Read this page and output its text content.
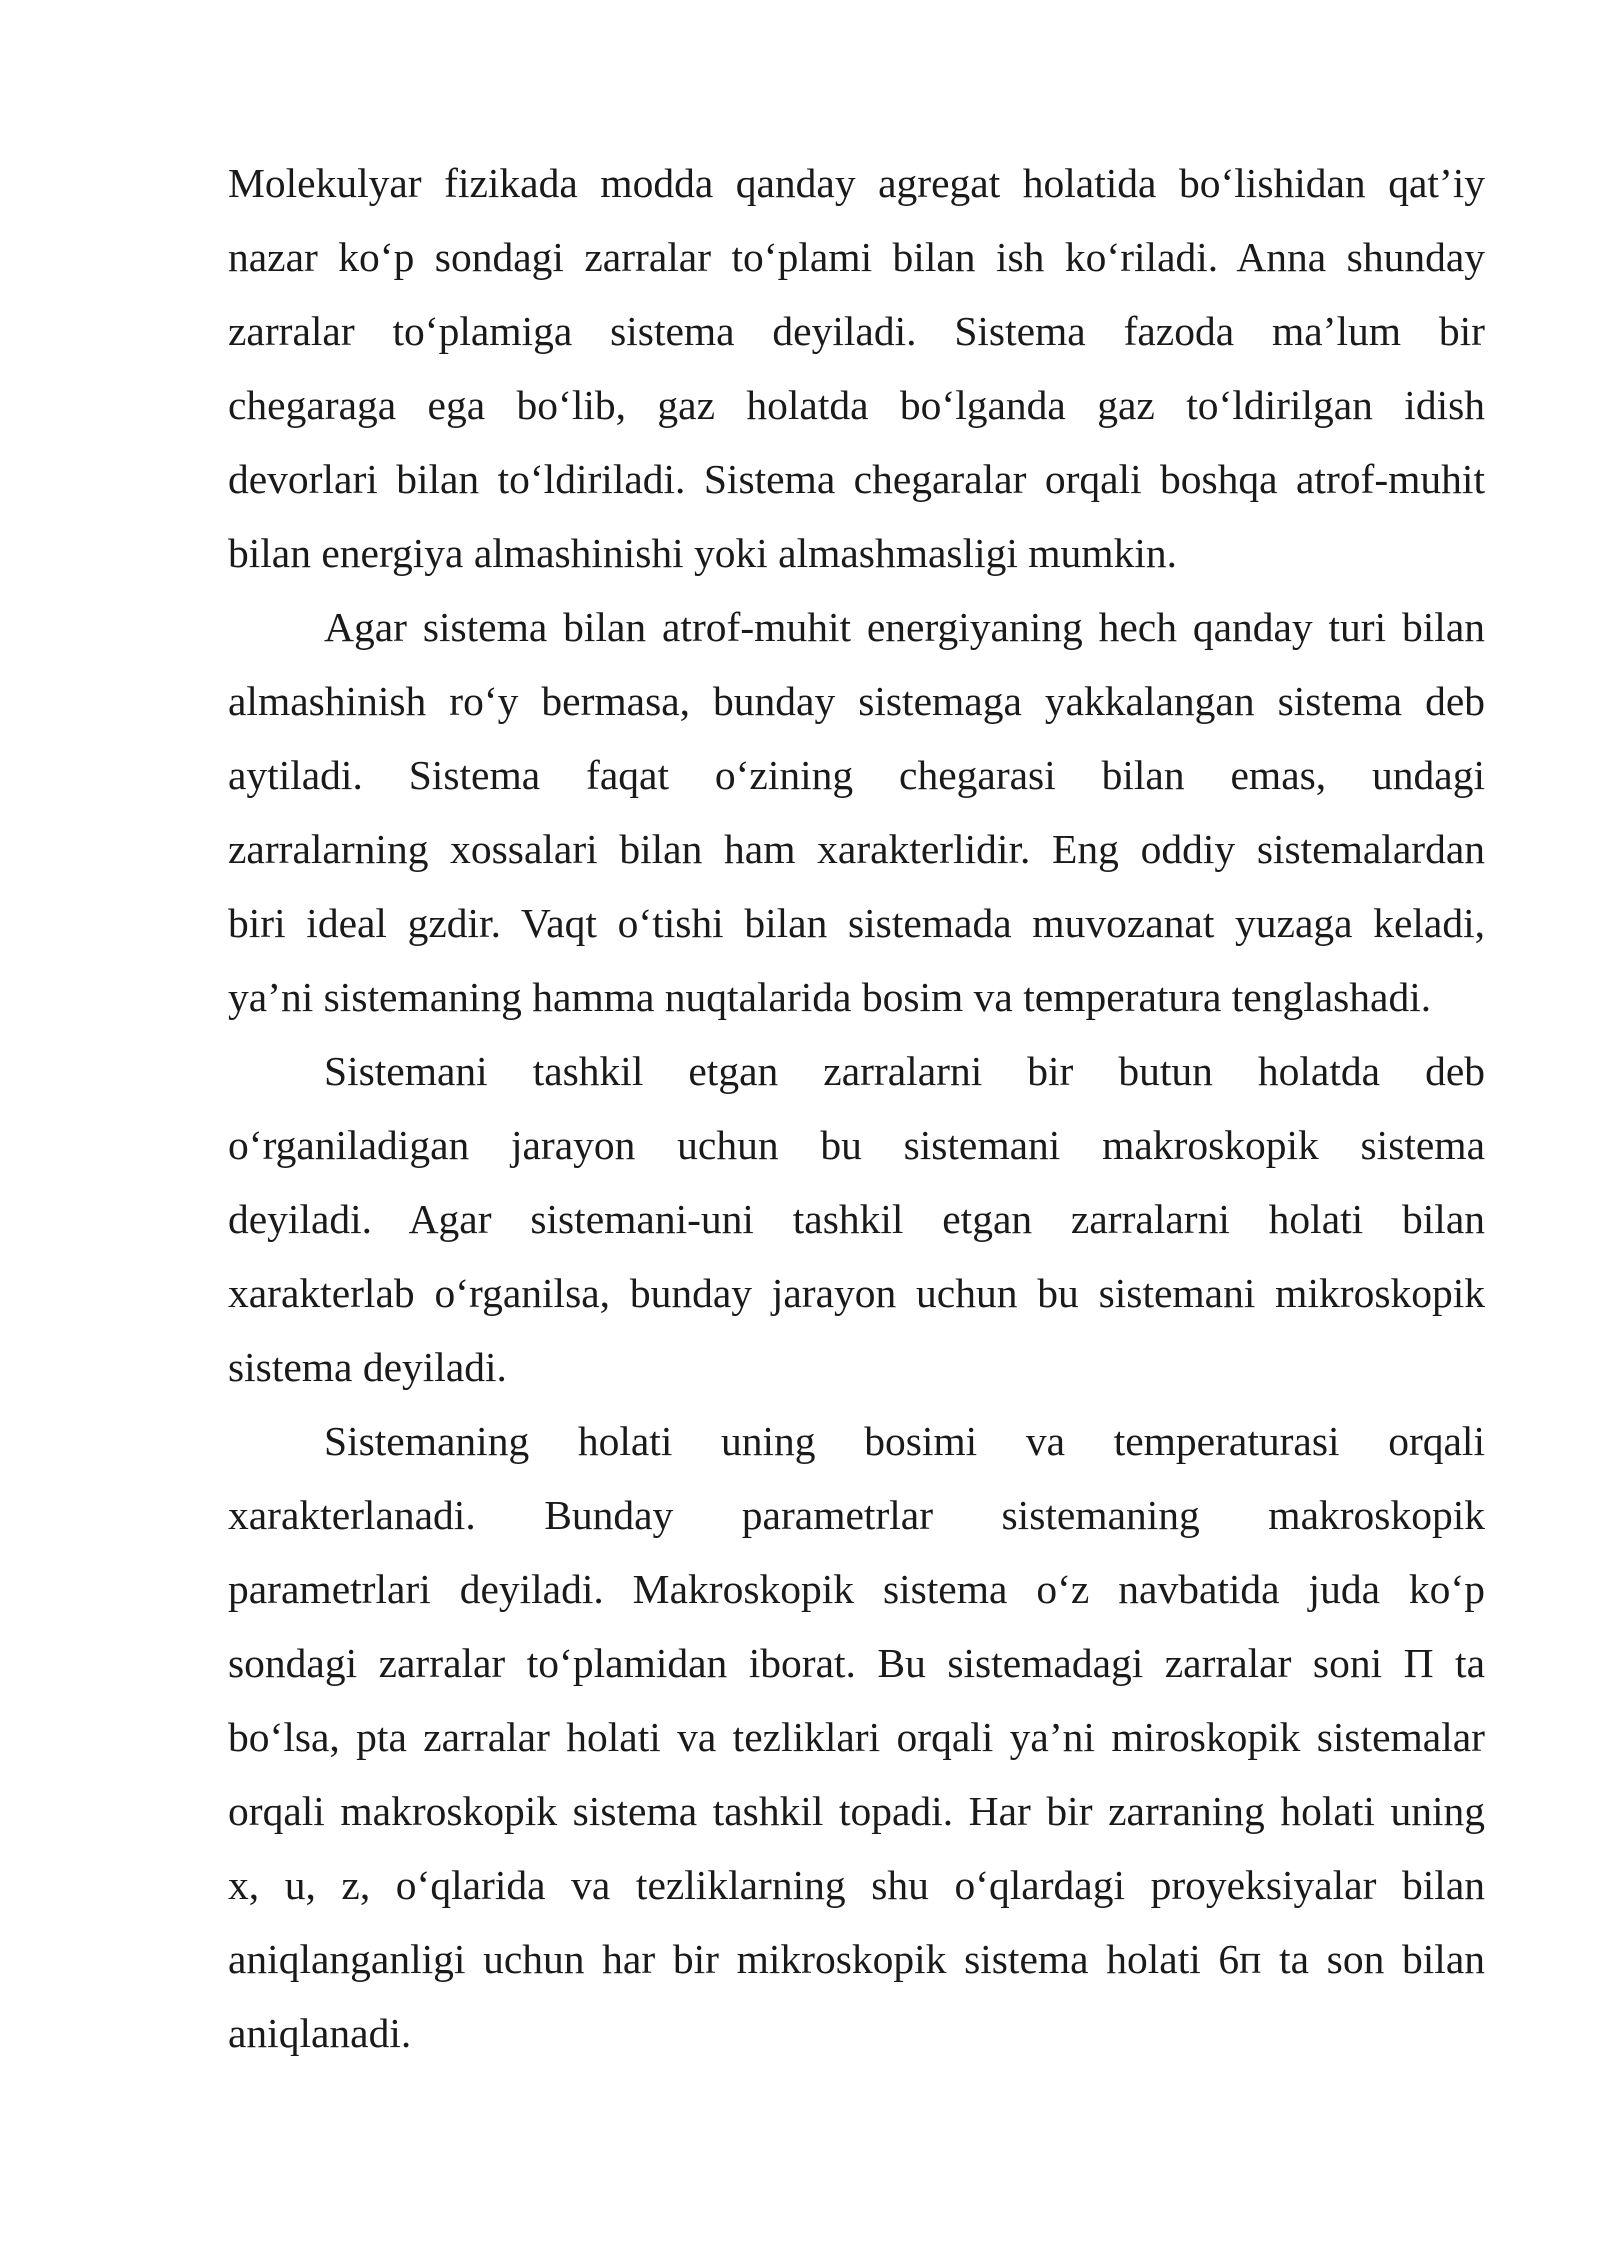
Molekulyar fizikada modda qanday agregat holatida bo‘lishidan qat’iy
nazar ko‘p sondagi zarralar to‘plami bilan ish ko‘riladi. Anna shunday
zarralar to‘plamiga sistema deyiladi. Sistema fazoda ma’lum bir
chegaraga ega bo‘lib, gaz holatda bo‘lganda gaz to‘ldirilgan idish
devorlari bilan to‘ldiriladi. Sistema chegaralar orqali boshqa atrof-muhit
bilan energiya almashinishi yoki almashmasligi mumkin.
Agar sistema bilan atrof-muhit energiyaning hech qanday turi bilan
almashinish ro‘y bermasa, bunday sistemaga yakkalangan sistema deb
aytiladi. Sistema faqat o‘zining chegarasi bilan emas, undagi
zarralarning xossalari bilan ham xarakterlidir. Eng oddiy sistemalardan
biri ideal gzdir. Vaqt o‘tishi bilan sistemada muvozanat yuzaga keladi,
ya’ni sistemaning hamma nuqtalarida bosim va temperatura tenglashadi.
Sistemani tashkil etgan zarralarni bir butun holatda deb
o‘rganiladigan jarayon uchun bu sistemani makroskopik sistema
deyiladi. Agar sistemani-uni tashkil etgan zarralarni holati bilan
xarakterlab o‘rganilsa, bunday jarayon uchun bu sistemani mikroskopik
sistema deyiladi.
Sistemaning holati uning bosimi va temperaturasi orqali
xarakterlanadi. Bunday parametrlar sistemaning makroskopik
parametrlari deyiladi. Makroskopik sistema o‘z navbatida juda ko‘p
sondagi zarralar to‘plamidan iborat. Bu sistemadagi zarralar soni Π ta
bo‘lsa, pta zarralar holati va tezliklari orqali ya’ni miroskopik sistemalar
orqali makroskopik sistema tashkil topadi. Har bir zarraning holati uning
x, u, z, o‘qlarida va tezliklarning shu o‘qlardagi proyeksiyalar bilan
aniqlanganligi uchun har bir mikroskopik sistema holati 6п ta son bilan
aniqlanadi.
